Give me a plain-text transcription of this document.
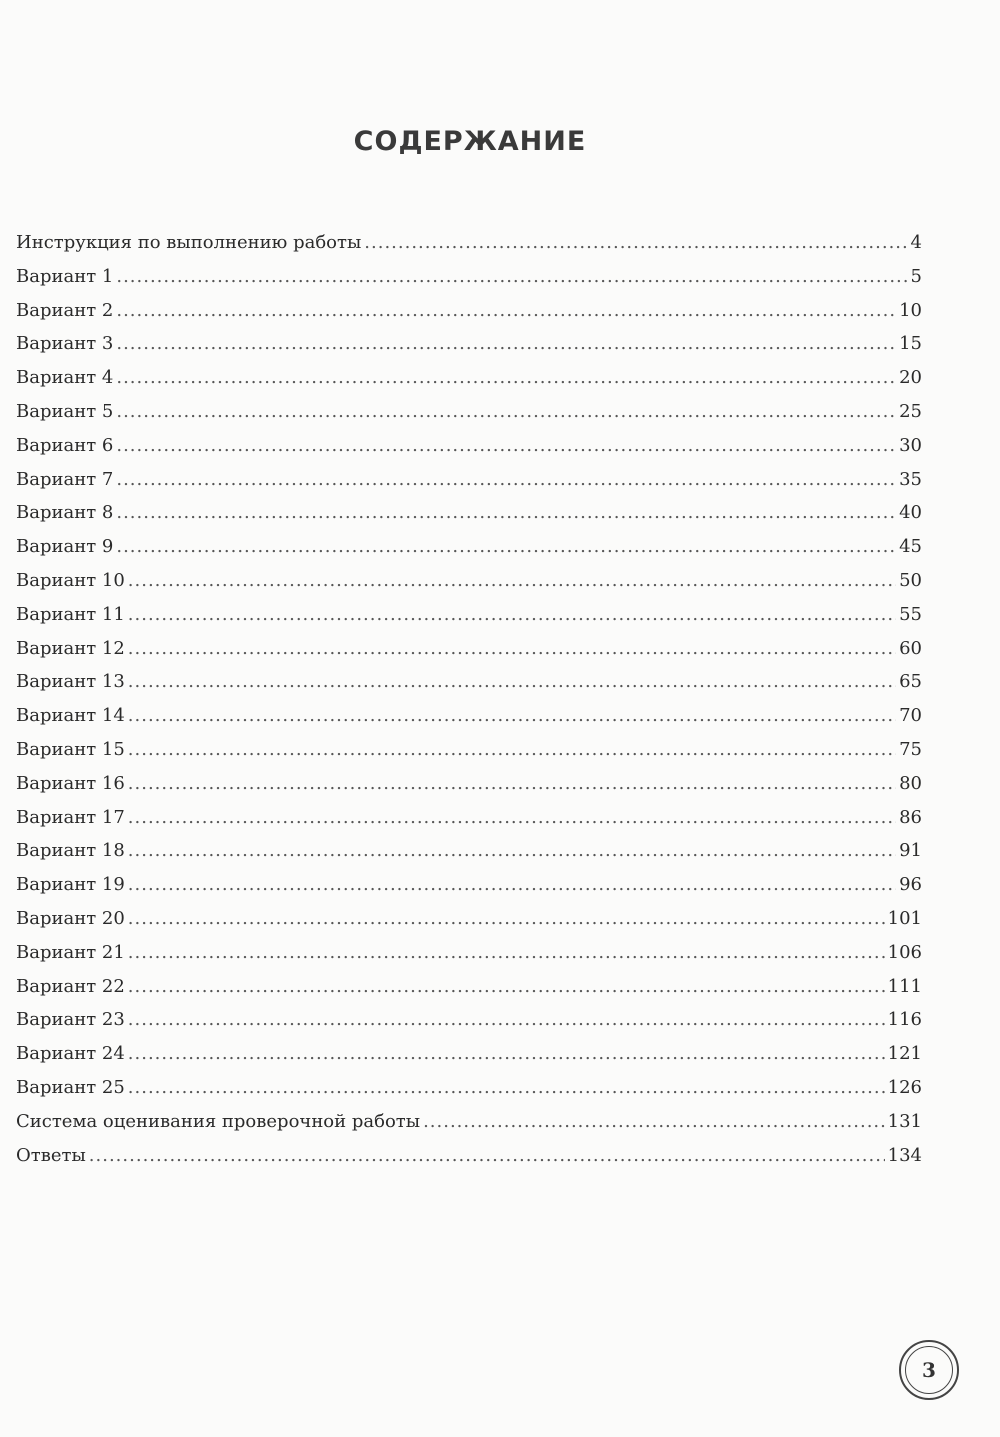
СОДЕРЖАНИЕ
Инструкция по выполнению работы .....	4
Вариант 1 .....	5
Вариант 2 .....	10
Вариант 3 .....	15
Вариант 4 .....	20
Вариант 5 .....	25
Вариант 6 .....	30
Вариант 7 .....	35
Вариант 8 .....	40
Вариант 9 .....	45
Вариант 10 .....	50
Вариант 11 .....	55
Вариант 12 .....	60
Вариант 13 .....	65
Вариант 14 .....	70
Вариант 15 .....	75
Вариант 16 .....	80
Вариант 17 .....	86
Вариант 18 .....	91
Вариант 19 .....	96
Вариант 20 .....	101
Вариант 21 .....	106
Вариант 22 .....	111
Вариант 23 .....	116
Вариант 24 .....	121
Вариант 25 .....	126
Система оценивания проверочной работы .....	131
Ответы .....	134
3
